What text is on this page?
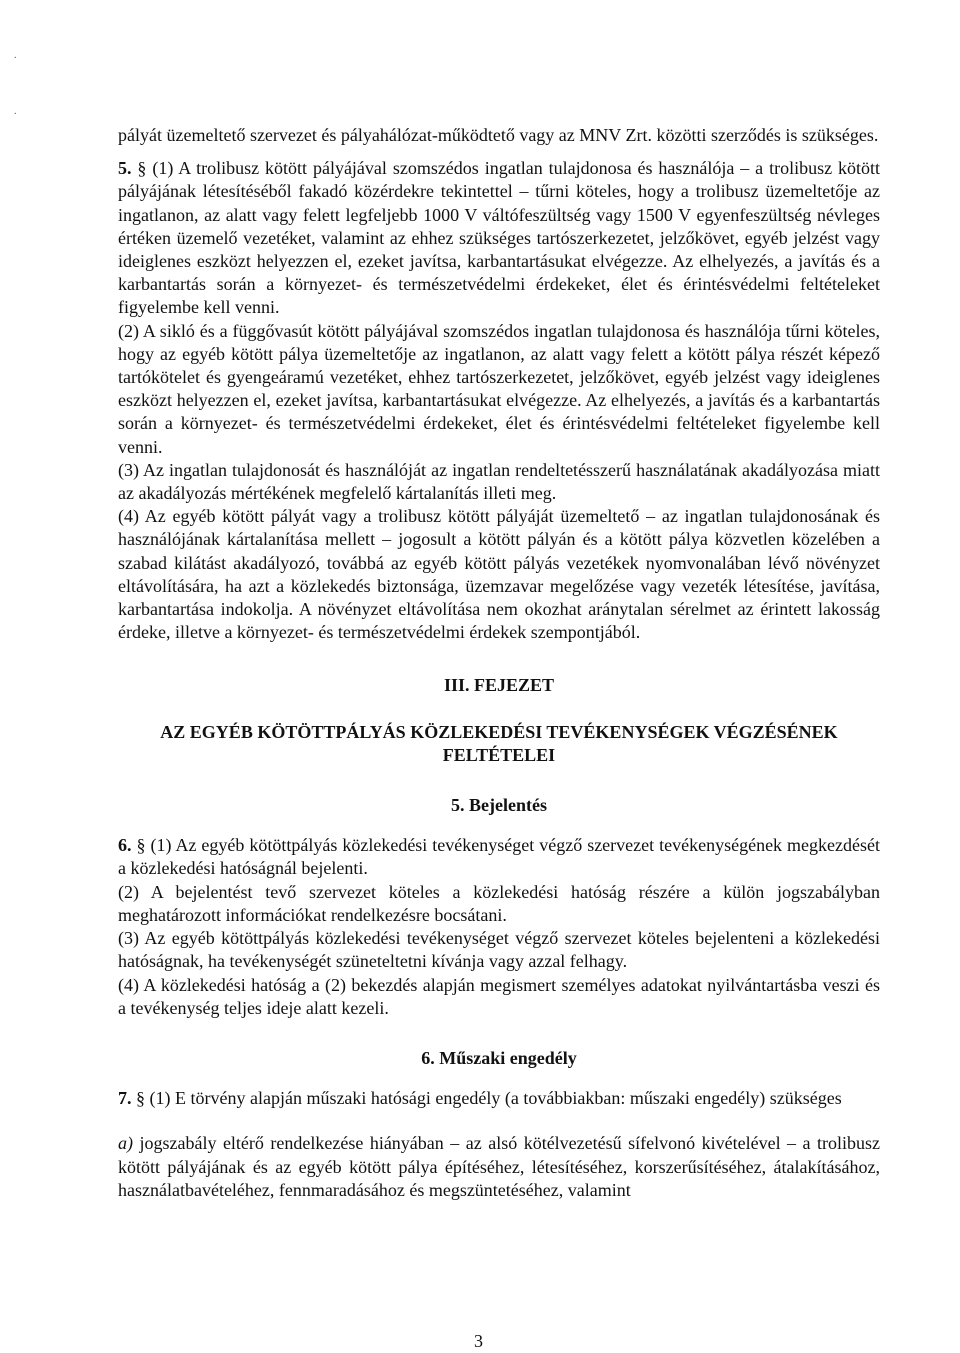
.
.

pályát üzemeltető szervezet és pályahálózat-működtető vagy az MNV Zrt. közötti szerződés is szükséges.

5. § (1) A trolibusz kötött pályájával szomszédos ingatlan tulajdonosa és használója – a trolibusz kötött pályájának létesítéséből fakadó közérdekre tekintettel – tűrni köteles, hogy a trolibusz üzemeltetője az ingatlanon, az alatt vagy felett legfeljebb 1000 V váltófeszültség vagy 1500 V egyenfeszültség névleges értéken üzemelő vezetéket, valamint az ehhez szükséges tartószerkezetet, jelzőkövet, egyéb jelzést vagy ideiglenes eszközt helyezzen el, ezeket javítsa, karbantartásukat elvégezze. Az elhelyezés, a javítás és a karbantartás során a környezet- és természetvédelmi érdekeket, élet és érintésvédelmi feltételeket figyelembe kell venni.

(2) A sikló és a függővasút kötött pályájával szomszédos ingatlan tulajdonosa és használója tűrni köteles, hogy az egyéb kötött pálya üzemeltetője az ingatlanon, az alatt vagy felett a kötött pálya részét képező tartókötelet és gyengeáramú vezetéket, ehhez tartószerkezetet, jelzőkövet, egyéb jelzést vagy ideiglenes eszközt helyezzen el, ezeket javítsa, karbantartásukat elvégezze. Az elhelyezés, a javítás és a karbantartás során a környezet- és természetvédelmi érdekeket, élet és érintésvédelmi feltételeket figyelembe kell venni.

(3) Az ingatlan tulajdonosát és használóját az ingatlan rendeltetésszerű használatának akadályozása miatt az akadályozás mértékének megfelelő kártalanítás illeti meg.

(4) Az egyéb kötött pályát vagy a trolibusz kötött pályáját üzemeltető – az ingatlan tulajdonosának és használójának kártalanítása mellett – jogosult a kötött pályán és a kötött pálya közvetlen közelében a szabad kilátást akadályozó, továbbá az egyéb kötött pályás vezetékek nyomvonalában lévő növényzet eltávolítására, ha azt a közlekedés biztonsága, üzemzavar megelőzése vagy vezeték létesítése, javítása, karbantartása indokolja. A növényzet eltávolítása nem okozhat aránytalan sérelmet az érintett lakosság érdeke, illetve a környezet- és természetvédelmi érdekek szempontjából.

III. FEJEZET
AZ EGYÉB KÖTÖTTPÁLYÁS KÖZLEKEDÉSI TEVÉKENYSÉGEK VÉGZÉSÉNEK FELTÉTELEI
5. Bejelentés

6. § (1) Az egyéb kötöttpályás közlekedési tevékenységet végző szervezet tevékenységének megkezdését a közlekedési hatóságnál bejelenti.

(2) A bejelentést tevő szervezet köteles a közlekedési hatóság részére a külön jogszabályban meghatározott információkat rendelkezésre bocsátani.

(3) Az egyéb kötöttpályás közlekedési tevékenységet végző szervezet köteles bejelenteni a közlekedési hatóságnak, ha tevékenységét szüneteltetni kívánja vagy azzal felhagy.

(4) A közlekedési hatóság a (2) bekezdés alapján megismert személyes adatokat nyilvántartásba veszi és a tevékenység teljes ideje alatt kezeli.

6. Műszaki engedély

7. § (1) E törvény alapján műszaki hatósági engedély (a továbbiakban: műszaki engedély) szükséges

a) jogszabály eltérő rendelkezése hiányában – az alsó kötélvezetésű sífelvonó kivételével – a trolibusz kötött pályájának és az egyéb kötött pálya építéséhez, létesítéséhez, korszerűsítéséhez, átalakításához, használatbavételéhez, fennmaradásához és megszüntetéséhez, valamint

3
